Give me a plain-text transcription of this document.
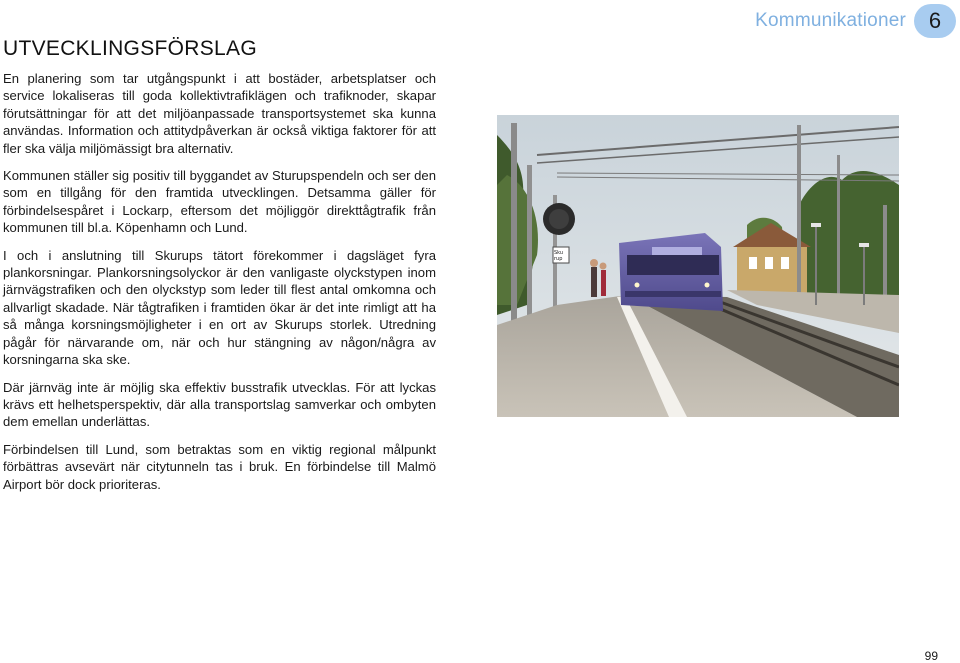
Kommunikationer	6
UTVECKLINGSFÖRSLAG

En planering som tar utgångspunkt i att bostäder, arbetsplatser och service lokaliseras till goda kollektivtrafiklägen och trafiknoder, skapar förutsättningar för att det miljöanpassade transportsystemet ska kunna användas. Information och attitydpåverkan är också viktiga faktorer för att fler ska välja miljömässigt bra alternativ.

Kommunen ställer sig positiv till byggandet av Sturupspendeln och ser den som en tillgång för den framtida utvecklingen. Detsamma gäller för förbindelsespåret i Lockarp, eftersom det möjliggör direkttågtrafik från kommunen till bl.a. Köpenhamn och Lund.

I och i anslutning till Skurups tätort förekommer i dagsläget fyra plankorsningar. Plankorsningsolyckor är den vanligaste olyckstypen inom järnvägstrafiken och den olyckstyp som leder till flest antal omkomna och allvarligt skadade. När tågtrafiken i framtiden ökar är det inte rimligt att ha så många korsningsmöjligheter i en ort av Skurups storlek. Utredning pågår för närvarande om, när och hur stängning av någon/några av korsningarna ska ske.

Där järnväg inte är möjlig ska effektiv busstrafik utvecklas. För att lyckas krävs ett helhetsperspektiv, där alla transportslag samverkar och ombyten dem emellan underlättas.

Förbindelsen till Lund, som betraktas som en viktig regional målpunkt förbättras avsevärt när citytunneln tas i bruk. En förbindelse till Malmö Airport bör dock prioriteras.

Sku
rup
99
